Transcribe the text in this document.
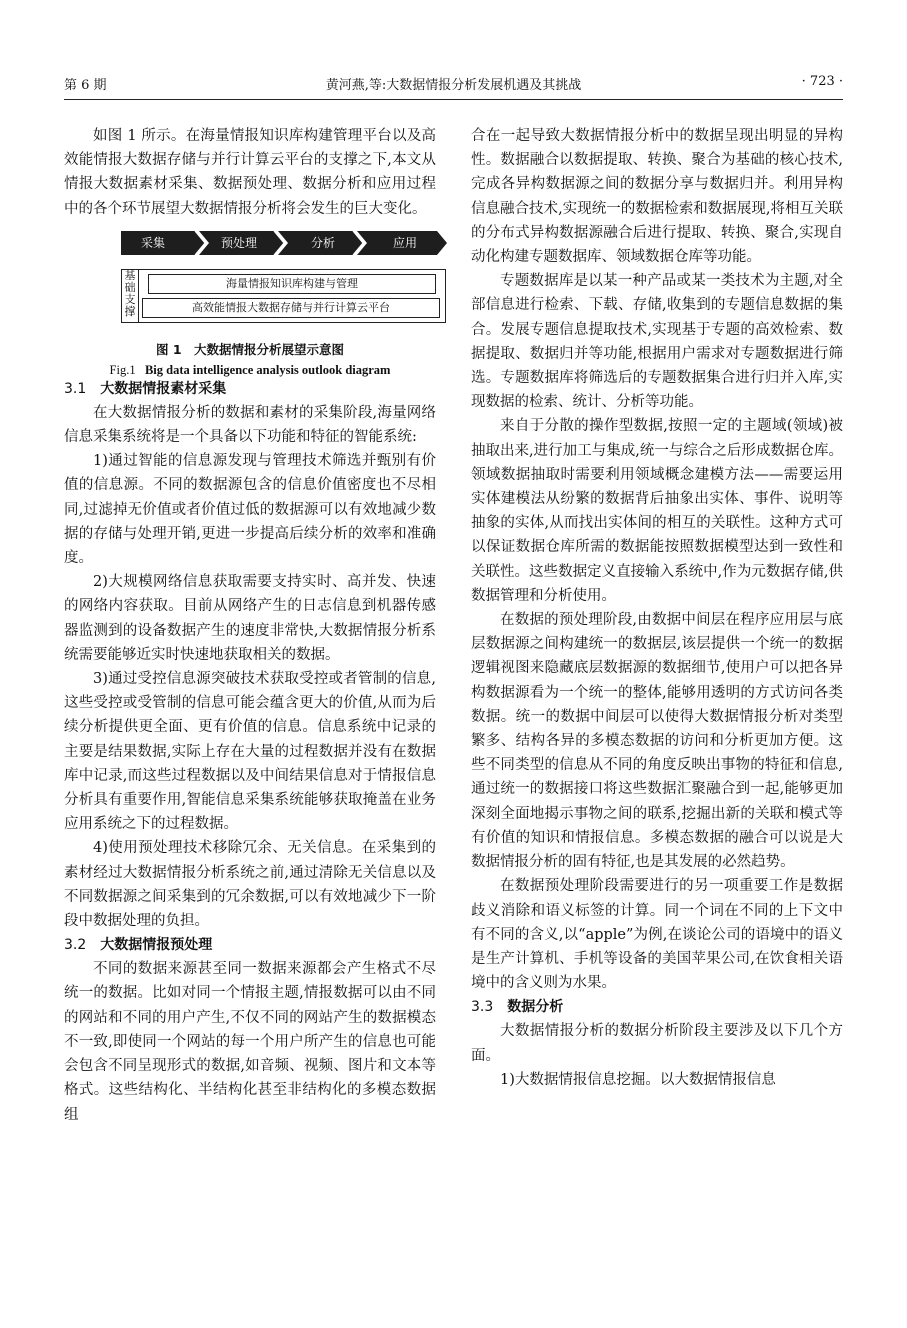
第 6 期	黄河燕,等:大数据情报分析发展机遇及其挑战	· 723 ·

如图 1 所示。在海量情报知识库构建管理平台以及高效能情报大数据存储与并行计算云平台的支撑之下,本文从情报大数据素材采集、数据预处理、数据分析和应用过程中的各个环节展望大数据情报分析将会发生的巨大变化。

采集	预处理	分析	应用
基
础
支
撑
海量情报知识库构建与管理
高效能情报大数据存储与并行计算云平台
图 1　大数据情报分析展望示意图
Fig.1 Big data intelligence analysis outlook diagram

3.1 大数据情报素材采集

在大数据情报分析的数据和素材的采集阶段,海量网络信息采集系统将是一个具备以下功能和特征的智能系统:

1)通过智能的信息源发现与管理技术筛选并甄别有价值的信息源。不同的数据源包含的信息价值密度也不尽相同,过滤掉无价值或者价值过低的数据源可以有效地减少数据的存储与处理开销,更进一步提高后续分析的效率和准确度。

2)大规模网络信息获取需要支持实时、高并发、快速的网络内容获取。目前从网络产生的日志信息到机器传感器监测到的设备数据产生的速度非常快,大数据情报分析系统需要能够近实时快速地获取相关的数据。

3)通过受控信息源突破技术获取受控或者管制的信息,这些受控或受管制的信息可能会蕴含更大的价值,从而为后续分析提供更全面、更有价值的信息。信息系统中记录的主要是结果数据,实际上存在大量的过程数据并没有在数据库中记录,而这些过程数据以及中间结果信息对于情报信息分析具有重要作用,智能信息采集系统能够获取掩盖在业务应用系统之下的过程数据。

4)使用预处理技术移除冗余、无关信息。在采集到的素材经过大数据情报分析系统之前,通过清除无关信息以及不同数据源之间采集到的冗余数据,可以有效地减少下一阶段中数据处理的负担。

3.2 大数据情报预处理

不同的数据来源甚至同一数据来源都会产生格式不尽统一的数据。比如对同一个情报主题,情报数据可以由不同的网站和不同的用户产生,不仅不同的网站产生的数据模态不一致,即使同一个网站的每一个用户所产生的信息也可能会包含不同呈现形式的数据,如音频、视频、图片和文本等格式。这些结构化、半结构化甚至非结构化的多模态数据组

合在一起导致大数据情报分析中的数据呈现出明显的异构性。数据融合以数据提取、转换、聚合为基础的核心技术,完成各异构数据源之间的数据分享与数据归并。利用异构信息融合技术,实现统一的数据检索和数据展现,将相互关联的分布式异构数据源融合后进行提取、转换、聚合,实现自动化构建专题数据库、领域数据仓库等功能。

专题数据库是以某一种产品或某一类技术为主题,对全部信息进行检索、下载、存储,收集到的专题信息数据的集合。发展专题信息提取技术,实现基于专题的高效检索、数据提取、数据归并等功能,根据用户需求对专题数据进行筛选。专题数据库将筛选后的专题数据集合进行归并入库,实现数据的检索、统计、分析等功能。

来自于分散的操作型数据,按照一定的主题域(领域)被抽取出来,进行加工与集成,统一与综合之后形成数据仓库。领域数据抽取时需要利用领域概念建模方法——需要运用实体建模法从纷繁的数据背后抽象出实体、事件、说明等抽象的实体,从而找出实体间的相互的关联性。这种方式可以保证数据仓库所需的数据能按照数据模型达到一致性和关联性。这些数据定义直接输入系统中,作为元数据存储,供数据管理和分析使用。

在数据的预处理阶段,由数据中间层在程序应用层与底层数据源之间构建统一的数据层,该层提供一个统一的数据逻辑视图来隐藏底层数据源的数据细节,使用户可以把各异构数据源看为一个统一的整体,能够用透明的方式访问各类数据。统一的数据中间层可以使得大数据情报分析对类型繁多、结构各异的多模态数据的访问和分析更加方便。这些不同类型的信息从不同的角度反映出事物的特征和信息,通过统一的数据接口将这些数据汇聚融合到一起,能够更加深刻全面地揭示事物之间的联系,挖掘出新的关联和模式等有价值的知识和情报信息。多模态数据的融合可以说是大数据情报分析的固有特征,也是其发展的必然趋势。

在数据预处理阶段需要进行的另一项重要工作是数据歧义消除和语义标签的计算。同一个词在不同的上下文中有不同的含义,以“apple”为例,在谈论公司的语境中的语义是生产计算机、手机等设备的美国苹果公司,在饮食相关语境中的含义则为水果。

3.3 数据分析

大数据情报分析的数据分析阶段主要涉及以下几个方面。

1)大数据情报信息挖掘。以大数据情报信息
